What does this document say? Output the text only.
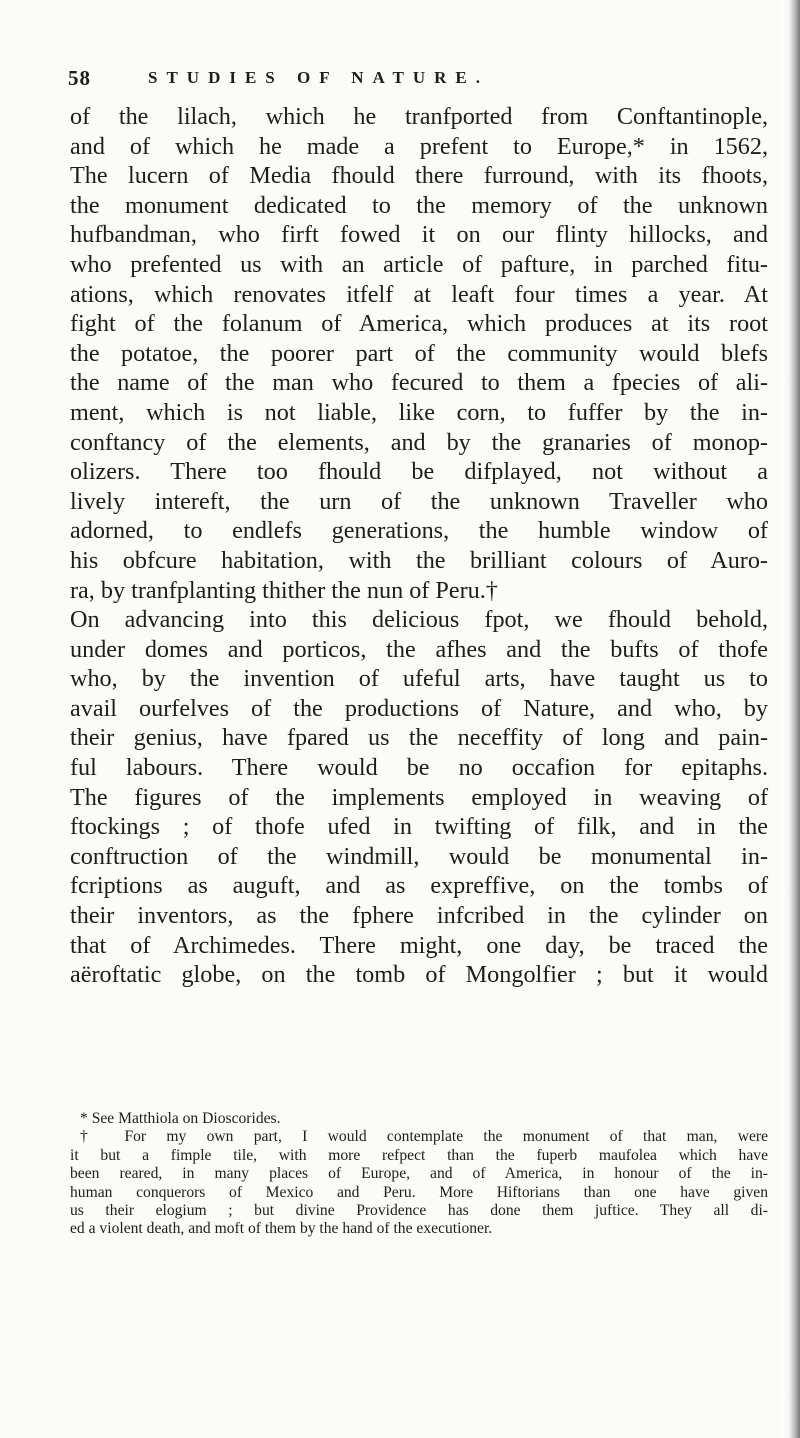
58	STUDIES OF NATURE.
of the lilach, which he tranfported from Conftantinople,
and of which he made a prefent to Europe,* in 1562,
The lucern of Media fhould there furround, with its fhoots,
the monument dedicated to the memory of the unknown
hufbandman, who firft fowed it on our flinty hillocks, and
who prefented us with an article of pafture, in parched fitu-
ations, which renovates itfelf at leaft four times a year. At
fight of the folanum of America, which produces at its root
the potatoe, the poorer part of the community would blefs
the name of the man who fecured to them a fpecies of ali-
ment, which is not liable, like corn, to fuffer by the in-
conftancy of the elements, and by the granaries of monop-
olizers. There too fhould be difplayed, not without a
lively intereft, the urn of the unknown Traveller who
adorned, to endlefs generations, the humble window of
his obfcure habitation, with the brilliant colours of Auro-
ra, by tranfplanting thither the nun of Peru.†
On advancing into this delicious fpot, we fhould behold,
under domes and porticos, the afhes and the bufts of thofe
who, by the invention of ufeful arts, have taught us to
avail ourfelves of the productions of Nature, and who, by
their genius, have fpared us the neceffity of long and pain-
ful labours. There would be no occafion for epitaphs.
The figures of the implements employed in weaving of
ftockings ; of thofe ufed in twifting of filk, and in the
conftruction of the windmill, would be monumental in-
fcriptions as auguft, and as expreffive, on the tombs of
their inventors, as the fphere infcribed in the cylinder on
that of Archimedes. There might, one day, be traced the
aëroftatic globe, on the tomb of Mongolfier ; but it would
* See Matthiola on Dioscorides.
† For my own part, I would contemplate the monument of that man, were
it but a fimple tile, with more refpect than the fuperb maufolea which have
been reared, in many places of Europe, and of America, in honour of the in-
human conquerors of Mexico and Peru. More Hiftorians than one have given
us their elogium ; but divine Providence has done them juftice. They all di-
ed a violent death, and moft of them by the hand of the executioner.
